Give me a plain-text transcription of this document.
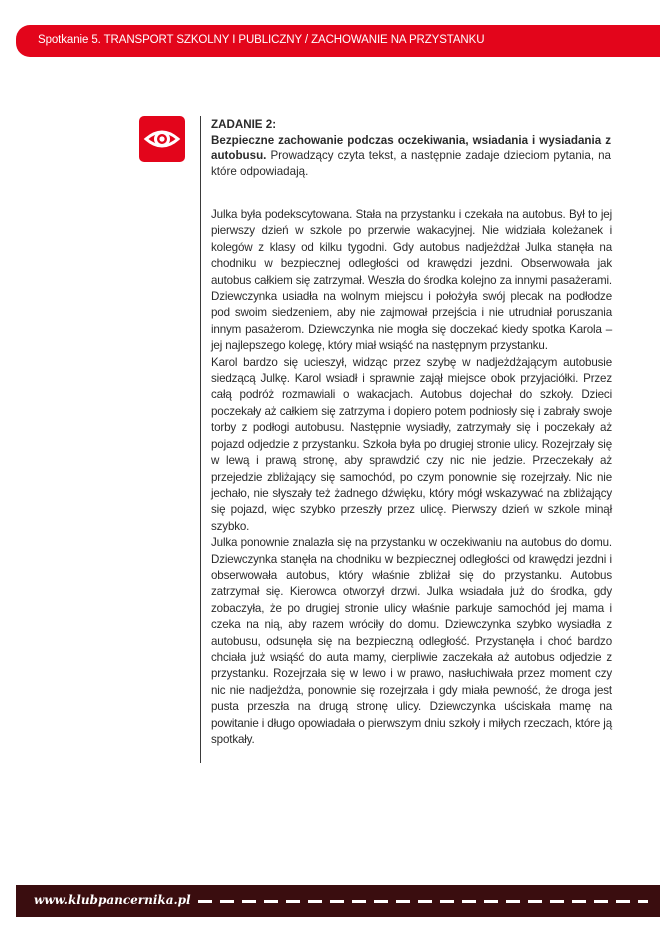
Spotkanie 5. TRANSPORT SZKOLNY I PUBLICZNY / ZACHOWANIE NA PRZYSTANKU
ZADANIE 2:
Bezpieczne zachowanie podczas oczekiwania, wsiadania i wysiadania z autobusu. Prowadzący czyta tekst, a następnie zadaje dzieciom pytania, na które odpowiadają.

Julka była podekscytowana. Stała na przystanku i czekała na autobus. Był to jej pierwszy dzień w szkole po przerwie wakacyjnej. Nie widziała koleżanek i kolegów z klasy od kilku tygodni. Gdy autobus nadjeżdżał Julka stanęła na chodniku w bezpiecznej odległości od krawędzi jezdni. Obserwowała jak autobus całkiem się zatrzymał. Weszła do środka kolejno za innymi pasażerami. Dziewczynka usiadła na wolnym miejscu i położyła swój plecak na podłodze pod swoim siedzeniem, aby nie zajmował przejścia i nie utrudniał poruszania innym pasażerom. Dziewczynka nie mogła się doczekać kiedy spotka Karola – jej najlepszego kolegę, który miał wsiąść na następnym przystanku.

Karol bardzo się ucieszył, widząc przez szybę w nadjeżdżającym autobusie siedzącą Julkę. Karol wsiadł i sprawnie zajął miejsce obok przyjaciółki. Przez całą podróż rozmawiali o wakacjach. Autobus dojechał do szkoły. Dzieci poczekały aż całkiem się zatrzyma i dopiero potem podniosły się i zabrały swoje torby z podłogi autobusu. Następnie wysiadły, zatrzymały się i poczekały aż pojazd odjedzie z przystanku. Szkoła była po drugiej stronie ulicy. Rozejrzały się w lewą i prawą stronę, aby sprawdzić czy nic nie jedzie. Przeczekały aż przejedzie zbliżający się samochód, po czym ponownie się rozejrzały. Nic nie jechało, nie słyszały też żadnego dźwięku, który mógł wskazywać na zbliżający się pojazd, więc szybko przeszły przez ulicę. Pierwszy dzień w szkole minął szybko.

Julka ponownie znalazła się na przystanku w oczekiwaniu na autobus do domu. Dziewczynka stanęła na chodniku w bezpiecznej odległości od krawędzi jezdni i obserwowała autobus, który właśnie zbliżał się do przystanku. Autobus zatrzymał się. Kierowca otworzył drzwi. Julka wsiadała już do środka, gdy zobaczyła, że po drugiej stronie ulicy właśnie parkuje samochód jej mama i czeka na nią, aby razem wróciły do domu. Dziewczynka szybko wysiadła z autobusu, odsunęła się na bezpieczną odległość. Przystanęła i choć bardzo chciała już wsiąść do auta mamy, cierpliwie zaczekała aż autobus odjedzie z przystanku. Rozejrzała się w lewo i w prawo, nasłuchiwała przez moment czy nic nie nadjeżdża, ponownie się rozejrzała i gdy miała pewność, że droga jest pusta przeszła na drugą stronę ulicy. Dziewczynka uściskała mamę na powitanie i długo opowiadała o pierwszym dniu szkoły i miłych rzeczach, które ją spotkały.

www.klubpancernika.pl
